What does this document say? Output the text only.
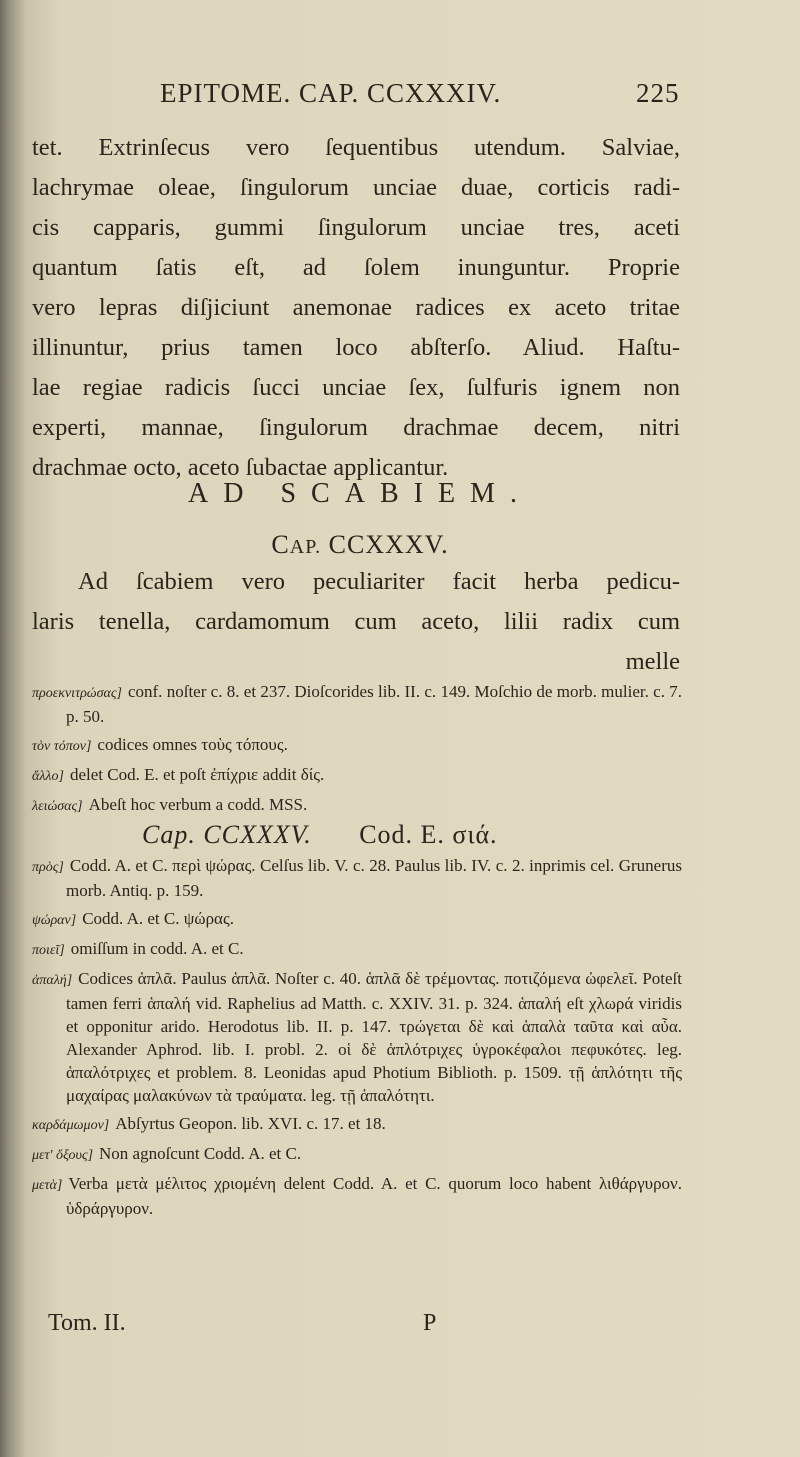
EPITOME. CAP. CCXXXIV.	225
tet. Extrinſecus vero ſequentibus utendum. Salviae,
lachrymae oleae, ſingulorum unciae duae, corticis radi-
cis capparis, gummi ſingulorum unciae tres, aceti
quantum ſatis eſt, ad ſolem inunguntur. Proprie
vero lepras diſjiciunt anemonae radices ex aceto tritae
illinuntur, prius tamen loco abſterſo. Aliud. Haſtu-
lae regiae radicis ſucci unciae ſex, ſulfuris ignem non
experti, mannae, ſingulorum drachmae decem, nitri
drachmae octo, aceto ſubactae applicantur.
AD SCABIEM.
CAP. CCXXXV.
Ad ſcabiem vero peculiariter facit herba pedicu-
laris tenella, cardamomum cum aceto, lilii radix cum
melle

προεκνιτρώσας] conf. noſter c. 8. et 237. Dioſcorides lib. II. c. 149. Moſchio de morb. mulier. c. 7. p. 50.

τὸν τόπον] codices omnes τοὺς τόπους.

ἄλλο] delet Cod. E. et poſt ἐπίχριε addit δίς.

λειώσας] Abeſt hoc verbum a codd. MSS.

Cap. CCXXXV. Cod. E. σιά.

πρὸς] Codd. A. et C. περὶ ψώρας. Celſus lib. V. c. 28. Paulus lib. IV. c. 2. inprimis cel. Grunerus morb. Antiq. p. 159.

ψώραν] Codd. A. et C. ψώρας.

ποιεῖ] omiſſum in codd. A. et C.

ἁπαλή] Codices ἁπλᾶ. Paulus ἁπλᾶ. Noſter c. 40. ἁπλᾶ δὲ τρέμοντας. ποτιζόμενα ὠφελεῖ. Poteſt tamen ferri ἁπαλή vid. Raphelius ad Matth. c. XXIV. 31. p. 324. ἁπαλή eſt χλωρά viridis et opponitur arido. Herodotus lib. II. p. 147. τρώγεται δὲ καὶ ἁπαλὰ ταῦτα καὶ αὖα. Alexander Aphrod. lib. I. probl. 2. οἱ δὲ ἁπλότριχες ὑγροκέφαλοι πεφυκότες. leg. ἁπαλότριχες et problem. 8. Leonidas apud Photium Biblioth. p. 1509. τῇ ἁπλότητι τῆς μαχαίρας μαλακύνων τὰ τραύματα. leg. τῇ ἁπαλότητι.

καρδάμωμον] Abſyrtus Geopon. lib. XVI. c. 17. et 18.

μετ' ὄξους] Non agnoſcunt Codd. A. et C.

μετὰ] Verba μετὰ μέλιτος χριομένη delent Codd. A. et C. quorum loco habent λιθάργυρον. ὑδράργυρον.

Tom. II.	P
